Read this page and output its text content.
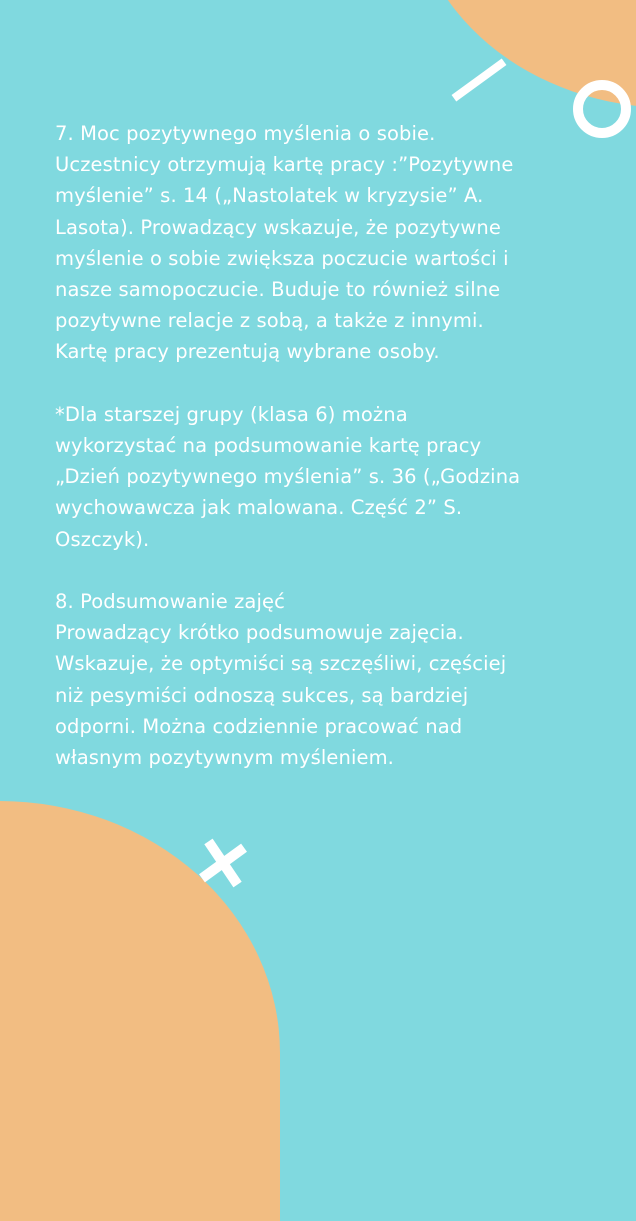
7. Moc pozytywnego myślenia o sobie.
Uczestnicy otrzymują kartę pracy :”Pozytywne
myślenie” s. 14 („Nastolatek w kryzysie” A.
Lasota). Prowadzący wskazuje, że pozytywne
myślenie o sobie zwiększa poczucie wartości i
nasze samopoczucie. Buduje to również silne
pozytywne relacje z sobą, a także z innymi.
Kartę pracy prezentują wybrane osoby.
*Dla starszej grupy (klasa 6) można
wykorzystać na podsumowanie kartę pracy
„Dzień pozytywnego myślenia” s. 36 („Godzina
wychowawcza jak malowana. Część 2” S.
Oszczyk).
8. Podsumowanie zajęć
Prowadzący krótko podsumowuje zajęcia.
Wskazuje, że optymiści są szczęśliwi, częściej
niż pesymiści odnoszą sukces, są bardziej
odporni. Można codziennie pracować nad
własnym pozytywnym myśleniem.
